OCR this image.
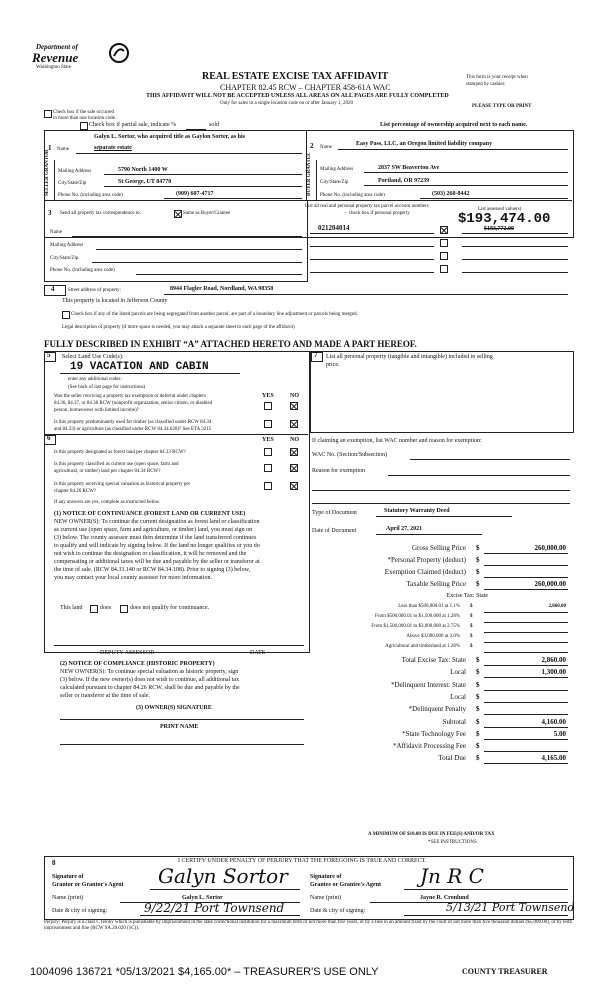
Department of
Revenue
Washington State
REAL ESTATE EXCISE TAX AFFIDAVIT
CHAPTER 82.45 RCW – CHAPTER 458-61A WAC
THIS AFFIDAVIT WILL NOT BE ACCEPTED UNLESS ALL AREAS ON ALL PAGES ARE FULLY COMPLETED
Only for sales in a single location code on or after January 1, 2020
This form is your receipt when
stamped by cashier.
PLEASE TYPE OR PRINT
Check box if the sale occurred
in more than one location code.
Check box if partial sale, indicate %	sold	List percentage of ownership acquired next to each name.
SELLER GRANTOR	BUYER GRANTEE
1 Name
Galyn L. Sortor, who acquired title as Gaylon Sorter, as his
separate estate
Mailing Address	5790 North 1400 W
City/State/Zip	St George, UT 84770
Phone No. (including area code)	(909) 607-4717
2 Name
Easy Pass, LLC, an Oregon limited liability company
Mailing Address	2837 SW Beaverton Ave
City/State/Zip	Portland, OR 97239
Phone No. (including area code)	(503) 260-0442
3 Send all property tax correspondence to:	Same as Buyer/Grantee
Name
Mailing Address
City/State/Zip
Phone No. (including area code)
List all real and personal property tax parcel account numbers
– check box if personal property
List assessed value(s)
021204014
$193,474.00
$183,772.00
4	Street address of property:	8944 Flagler Road, Nordland, WA 98358
This property is located in Jefferson County
Check box if any of the listed parcels are being segregated from another parcel, are part of a boundary line adjustment or parcels being merged.
Legal description of property (if more space is needed, you may attach a separate sheet to each page of the affidavit)
FULLY DESCRIBED IN EXHIBIT “A” ATTACHED HERETO AND MADE A PART HEREOF.
5 Select Land Use Code(s):
19 VACATION AND CABIN
enter any additional codes:
(See back of last page for instructions)
YES	NO
Was the seller receiving a property tax exemption or deferral under chapters
84.36, 84.37, or 84.38 RCW (nonprofit organization, senior citizen, or disabled
person, homeowner with limited income)?
Is this property predominantly used for timber (as classified under RCW 84.34
and 84.33) or agriculture (as classified under RCW 84.34.020)? See ETA 3215
6	YES	NO
Is this property designated as forest land per chapter 84.33 RCW?
Is this property classified as current use (open space, farm and
agricultural, or timber) land per chapter 84.34 RCW?
Is this property receiving special valuation as historical property per
chapter 84.26 RCW?
If any answers are yes, complete as instructed below.
(1) NOTICE OF CONTINUANCE (FOREST LAND OR CURRENT USE)
NEW OWNER(S): To continue the current designation as forest land or classification
as current use (open space, farm and agriculture, or timber) land, you must sign on
(3) below. The county assessor must then determine if the land transferred continues
to qualify and will indicate by signing below. If the land no longer qualifies or you do
not wish to continue the designation or classification, it will be removed and the
compensating or additional taxes will be due and payable by the seller or transferor at
the time of sale. (RCW 84.33.140 or RCW 84.34.108). Prior to signing (3) below,
you may contact your local county assessor for more information.
This land	does	does not qualify for continuance.
DEPUTY ASSESSOR	DATE
(2) NOTICE OF COMPLIANCE (HISTORIC PROPERTY)
NEW OWNER(S): To continue special valuation as historic property, sign
(3) below. If the new owner(s) does not wish to continue, all additional tax
calculated pursuant to chapter 84.26 RCW, shall be due and payable by the
seller or transferor at the time of sale.
(3) OWNER(S) SIGNATURE
PRINT NAME
7 List all personal property (tangible and intangible) included in selling
price.
If claiming an exemption, list WAC number and reason for exemption:
WAC No. (Section/Subsection)
Reason for exemption
Type of Document	Statutory Warranty Deed
Date of Document	April 27, 2021
Gross Selling Price $	260,000.00
*Personal Property (deduct) $
Exemption Claimed (deduct) $
Taxable Selling Price $	260,000.00
Excise Tax: State
Less than $500,000.01 at 1.1% $	2,860.00
From $500,000.01 to $1,500,000 at 1.28% $
From $1,500,000.01 to $3,000,000 at 2.75% $
Above $3,000,000 at 3.0% $
Agricultural and timberland at 1.28% $
Total Excise Tax: State $	2,860.00
Local $	1,300.00
*Delinquent Interest: State $
Local $
*Delinquent Penalty $
Subtotal $	4,160.00
*State Technology Fee $	5.00
*Affidavit Processing Fee $
Total Due $	4,165.00
A MINIMUM OF $10.00 IS DUE IN FEE(S) AND/OR TAX
*SEE INSTRUCTIONS
8	I CERTIFY UNDER PENALTY OF PERJURY THAT THE FOREGOING IS TRUE AND CORRECT.
Signature of
Grantor or Grantor's Agent Galyn Sortor	Signature of
Grantee or Grantee's Agent Jn R C
Name (print)	Galyn L. Sortor	Name (print)	Jayne R. Cronlund
Date & city of signing:	9/22/21 Port Townsend	Date & city of signing:	5/13/21 Port Townsend
Perjury: Perjury is a class C felony which is punishable by imprisonment in the state correctional institution for a maximum term of not more than five years, or by a fine in an amount fixed by the court of not more than five thousand dollars ($5,000.00), or by both imprisonment and fine (RCW 9A.20.020 (1C)).
1004096 136721 *05/13/2021 $4,165.00* – TREASURER'S USE ONLY	COUNTY TREASURER
